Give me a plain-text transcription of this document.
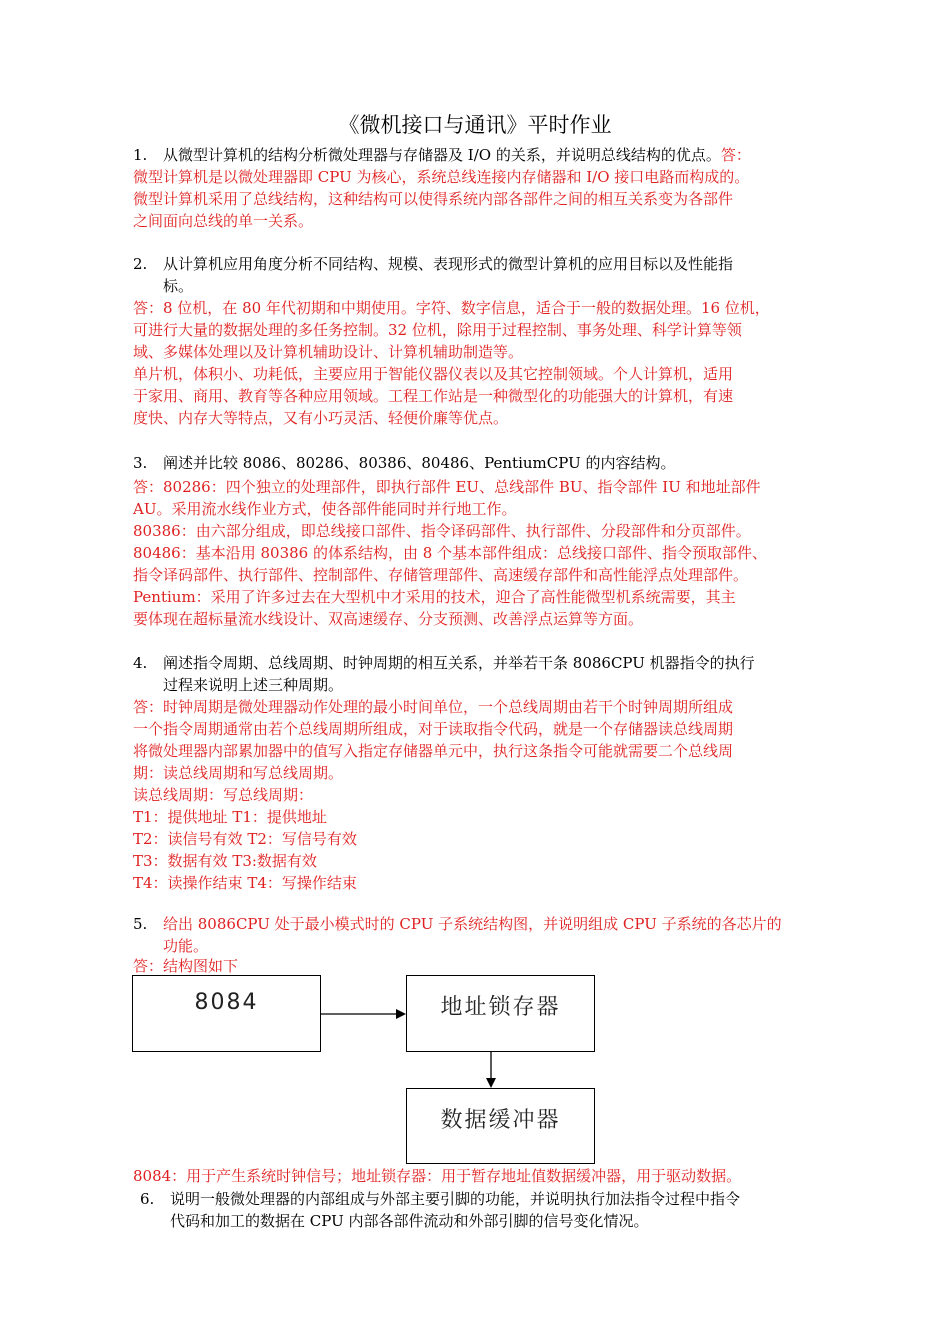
《微机接口与通讯》平时作业
1.	从微型计算机的结构分析微处理器与存储器及 I/O 的关系，并说明总线结构的优点。答：

微型计算机是以微处理器即 CPU 为核心，系统总线连接内存储器和 I/O 接口电路而构成的。

微型计算机采用了总线结构，这种结构可以使得系统内部各部件之间的相互关系变为各部件

之间面向总线的单一关系。

2.	从计算机应用角度分析不同结构、规模、表现形式的微型计算机的应用目标以及性能指
标。

答：8 位机，在 80 年代初期和中期使用。字符、数字信息，适合于一般的数据处理。16 位机，

可进行大量的数据处理的多任务控制。32 位机，除用于过程控制、事务处理、科学计算等领

域、多媒体处理以及计算机辅助设计、计算机辅助制造等。

单片机，体积小、功耗低，主要应用于智能仪器仪表以及其它控制领域。个人计算机，适用

于家用、商用、教育等各种应用领域。工程工作站是一种微型化的功能强大的计算机，有速

度快、内存大等特点，又有小巧灵活、轻便价廉等优点。

3.	阐述并比较 8086、80286、80386、80486、PentiumCPU 的内容结构。

答：80286：四个独立的处理部件，即执行部件 EU、总线部件 BU、指令部件 IU 和地址部件

AU。采用流水线作业方式，使各部件能同时并行地工作。

80386：由六部分组成，即总线接口部件、指令译码部件、执行部件、分段部件和分页部件。

80486：基本沿用 80386 的体系结构，由 8 个基本部件组成：总线接口部件、指令预取部件、

指令译码部件、执行部件、控制部件、存储管理部件、高速缓存部件和高性能浮点处理部件。

Pentium：采用了许多过去在大型机中才采用的技术，迎合了高性能微型机系统需要，其主

要体现在超标量流水线设计、双高速缓存、分支预测、改善浮点运算等方面。

4.	阐述指令周期、总线周期、时钟周期的相互关系，并举若干条 8086CPU 机器指令的执行
过程来说明上述三种周期。

答：时钟周期是微处理器动作处理的最小时间单位，一个总线周期由若干个时钟周期所组成

一个指令周期通常由若个总线周期所组成，对于读取指令代码，就是一个存储器读总线周期

将微处理器内部累加器中的值写入指定存储器单元中，执行这条指令可能就需要二个总线周

期：读总线周期和写总线周期。

读总线周期：写总线周期：

T1：提供地址 T1：提供地址

T2：读信号有效 T2：写信号有效

T3：数据有效 T3:数据有效

T4：读操作结束 T4：写操作结束

5.	给出 8086CPU 处于最小模式时的 CPU 子系统结构图，并说明组成 CPU 子系统的各芯片的
功能。

答：结构图如下

8084	地址锁存器
数据缓冲器

8084：用于产生系统时钟信号；地址锁存器：用于暂存地址值数据缓冲器，用于驱动数据。

6.	说明一般微处理器的内部组成与外部主要引脚的功能，并说明执行加法指令过程中指令
代码和加工的数据在 CPU 内部各部件流动和外部引脚的信号变化情况。
